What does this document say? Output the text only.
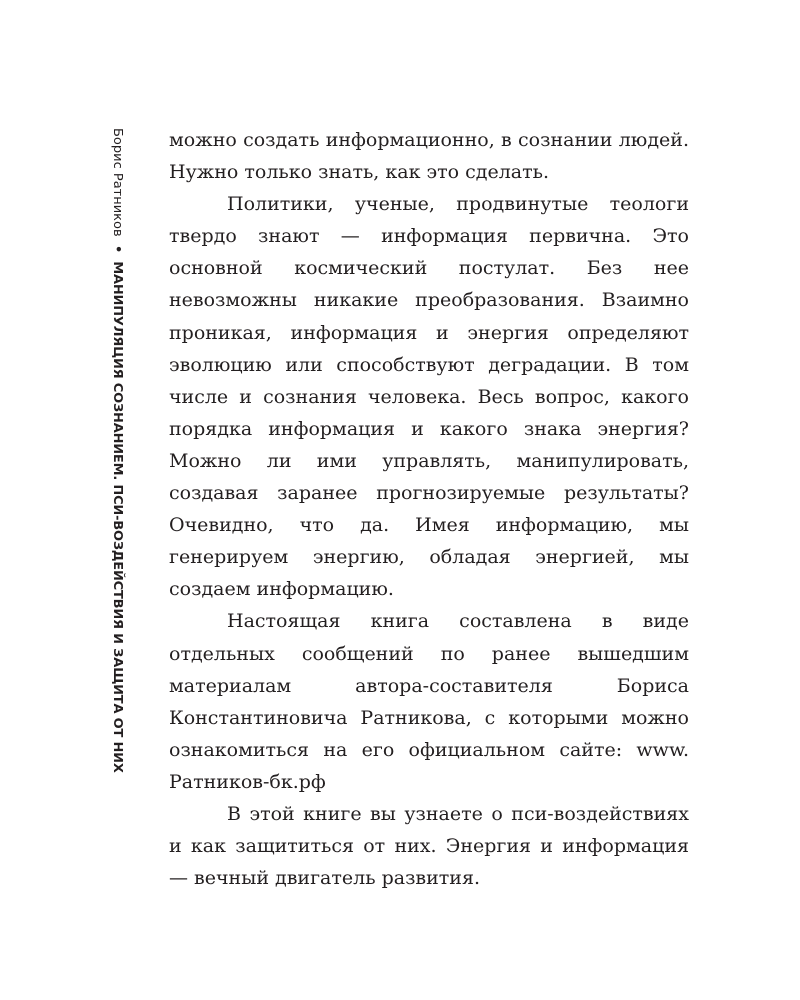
Борис Ратников • МАНИПУЛЯЦИЯ СОЗНАНИЕМ. ПСИ-ВОЗДЕЙСТВИЯ И ЗАЩИТА ОТ НИХ

можно создать информационно, в сознании людей. Нужно только знать, как это сделать.

Политики, ученые, продвинутые теологи твердо знают — информация первична. Это основной космический постулат. Без нее невозможны никакие преобразования. Взаимно проникая, информация и энергия определяют эволюцию или способствуют деградации. В том числе и сознания человека. Весь вопрос, какого порядка информация и какого знака энергия? Можно ли ими управлять, манипулировать, создавая заранее прогнозируемые результаты? Очевидно, что да. Имея информацию, мы генерируем энергию, обладая энергией, мы создаем информацию.

Настоящая книга составлена в виде отдельных сообщений по ранее вышедшим материалам автора-составителя Бориса Константиновича Ратникова, с которыми можно ознакомиться на его официальном сайте: www. Ратников-бк.рф

В этой книге вы узнаете о пси-воздействиях и как защититься от них. Энергия и информация — вечный двигатель развития.
